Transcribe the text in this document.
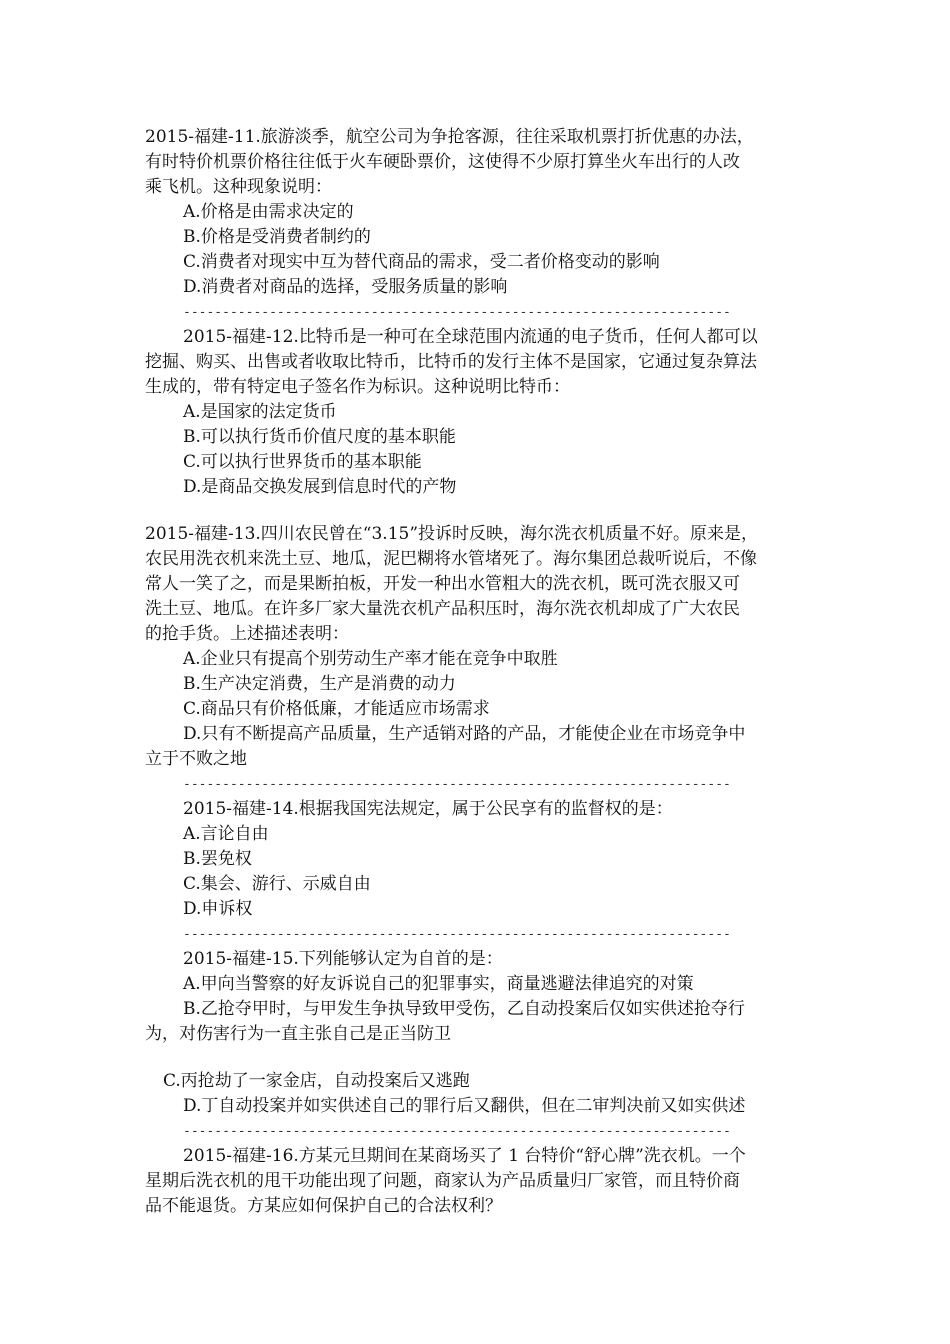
2015-福建-11.旅游淡季，航空公司为争抢客源，往往采取机票打折优惠的办法，
有时特价机票价格往往低于火车硬卧票价，这使得不少原打算坐火车出行的人改
乘飞机。这种现象说明：
A.价格是由需求决定的
B.价格是受消费者制约的
C.消费者对现实中互为替代商品的需求，受二者价格变动的影响
D.消费者对商品的选择，受服务质量的影响
----------------------------------------------------------------------
2015-福建-12.比特币是一种可在全球范围内流通的电子货币，任何人都可以
挖掘、购买、出售或者收取比特币，比特币的发行主体不是国家，它通过复杂算法
生成的，带有特定电子签名作为标识。这种说明比特币：
A.是国家的法定货币
B.可以执行货币价值尺度的基本职能
C.可以执行世界货币的基本职能
D.是商品交换发展到信息时代的产物
2015-福建-13.四川农民曾在“3.15”投诉时反映，海尔洗衣机质量不好。原来是，
农民用洗衣机来洗土豆、地瓜，泥巴糊将水管堵死了。海尔集团总裁听说后，不像
常人一笑了之，而是果断拍板，开发一种出水管粗大的洗衣机，既可洗衣服又可
洗土豆、地瓜。在许多厂家大量洗衣机产品积压时，海尔洗衣机却成了广大农民
的抢手货。上述描述表明：
A.企业只有提高个别劳动生产率才能在竞争中取胜
B.生产决定消费，生产是消费的动力
C.商品只有价格低廉，才能适应市场需求
D.只有不断提高产品质量，生产适销对路的产品，才能使企业在市场竞争中
立于不败之地
----------------------------------------------------------------------
2015-福建-14.根据我国宪法规定，属于公民享有的监督权的是：
A.言论自由
B.罢免权
C.集会、游行、示威自由
D.申诉权
----------------------------------------------------------------------
2015-福建-15.下列能够认定为自首的是：
A.甲向当警察的好友诉说自己的犯罪事实，商量逃避法律追究的对策
B.乙抢夺甲时，与甲发生争执导致甲受伤，乙自动投案后仅如实供述抢夺行
为，对伤害行为一直主张自己是正当防卫
C.丙抢劫了一家金店，自动投案后又逃跑
D.丁自动投案并如实供述自己的罪行后又翻供，但在二审判决前又如实供述
----------------------------------------------------------------------
2015-福建-16.方某元旦期间在某商场买了 1 台特价“舒心牌”洗衣机。一个
星期后洗衣机的甩干功能出现了问题，商家认为产品质量归厂家管，而且特价商
品不能退货。方某应如何保护自己的合法权利？
